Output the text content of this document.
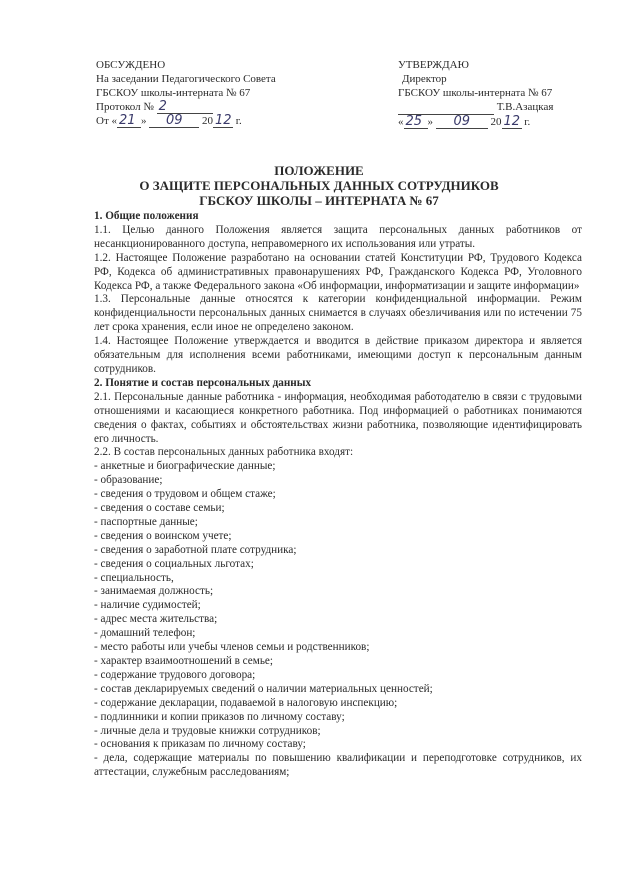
ОБСУЖДЕНО
На заседании Педагогического Совета
ГБСКОУ школы-интерната № 67
Протокол № 2
От « 21 » 09 20 12 г.
УТВЕРЖДАЮ
Директор
ГБСКОУ школы-интерната № 67
Т.В.Азацкая
« 25 » 09 20 12 г.
ПОЛОЖЕНИЕ
О ЗАЩИТЕ ПЕРСОНАЛЬНЫХ ДАННЫХ СОТРУДНИКОВ
ГБСКОУ ШКОЛЫ – ИНТЕРНАТА № 67

1. Общие положения

1.1. Целью данного Положения является защита персональных данных работников от несанкционированного доступа, неправомерного их использования или утраты.

1.2. Настоящее Положение разработано на основании статей Конституции РФ, Трудового Кодекса РФ, Кодекса об административных правонарушениях РФ, Гражданского Кодекса РФ, Уголовного Кодекса РФ, а также Федерального закона «Об информации, информатизации и защите информации»

1.3. Персональные данные относятся к категории конфиденциальной информации. Режим конфиденциальности персональных данных снимается в случаях обезличивания или по истечении 75 лет срока хранения, если иное не определено законом.

1.4. Настоящее Положение утверждается и вводится в действие приказом директора и является обязательным для исполнения всеми работниками, имеющими доступ к персональным данным сотрудников.

2. Понятие и состав персональных данных

2.1. Персональные данные работника - информация, необходимая работодателю в связи с трудовыми отношениями и касающиеся конкретного работника. Под информацией о работниках понимаются сведения о фактах, событиях и обстоятельствах жизни работника, позволяющие идентифицировать его личность.

2.2. В состав персональных данных работника входят:

- анкетные и биографические данные;

- образование;

- сведения о трудовом и общем стаже;

- сведения о составе семьи;

- паспортные данные;

- сведения о воинском учете;

- сведения о заработной плате сотрудника;

- сведения о социальных льготах;

- специальность,

- занимаемая должность;

- наличие судимостей;

- адрес места жительства;

- домашний телефон;

- место работы или учебы членов семьи и родственников;

- характер взаимоотношений в семье;

- содержание трудового договора;

- состав декларируемых сведений о наличии материальных ценностей;

- содержание декларации, подаваемой в налоговую инспекцию;

- подлинники и копии приказов по личному составу;

- личные дела и трудовые книжки сотрудников;

- основания к приказам по личному составу;

- дела, содержащие материалы по повышению квалификации и переподготовке сотрудников, их аттестации, служебным расследованиям;
